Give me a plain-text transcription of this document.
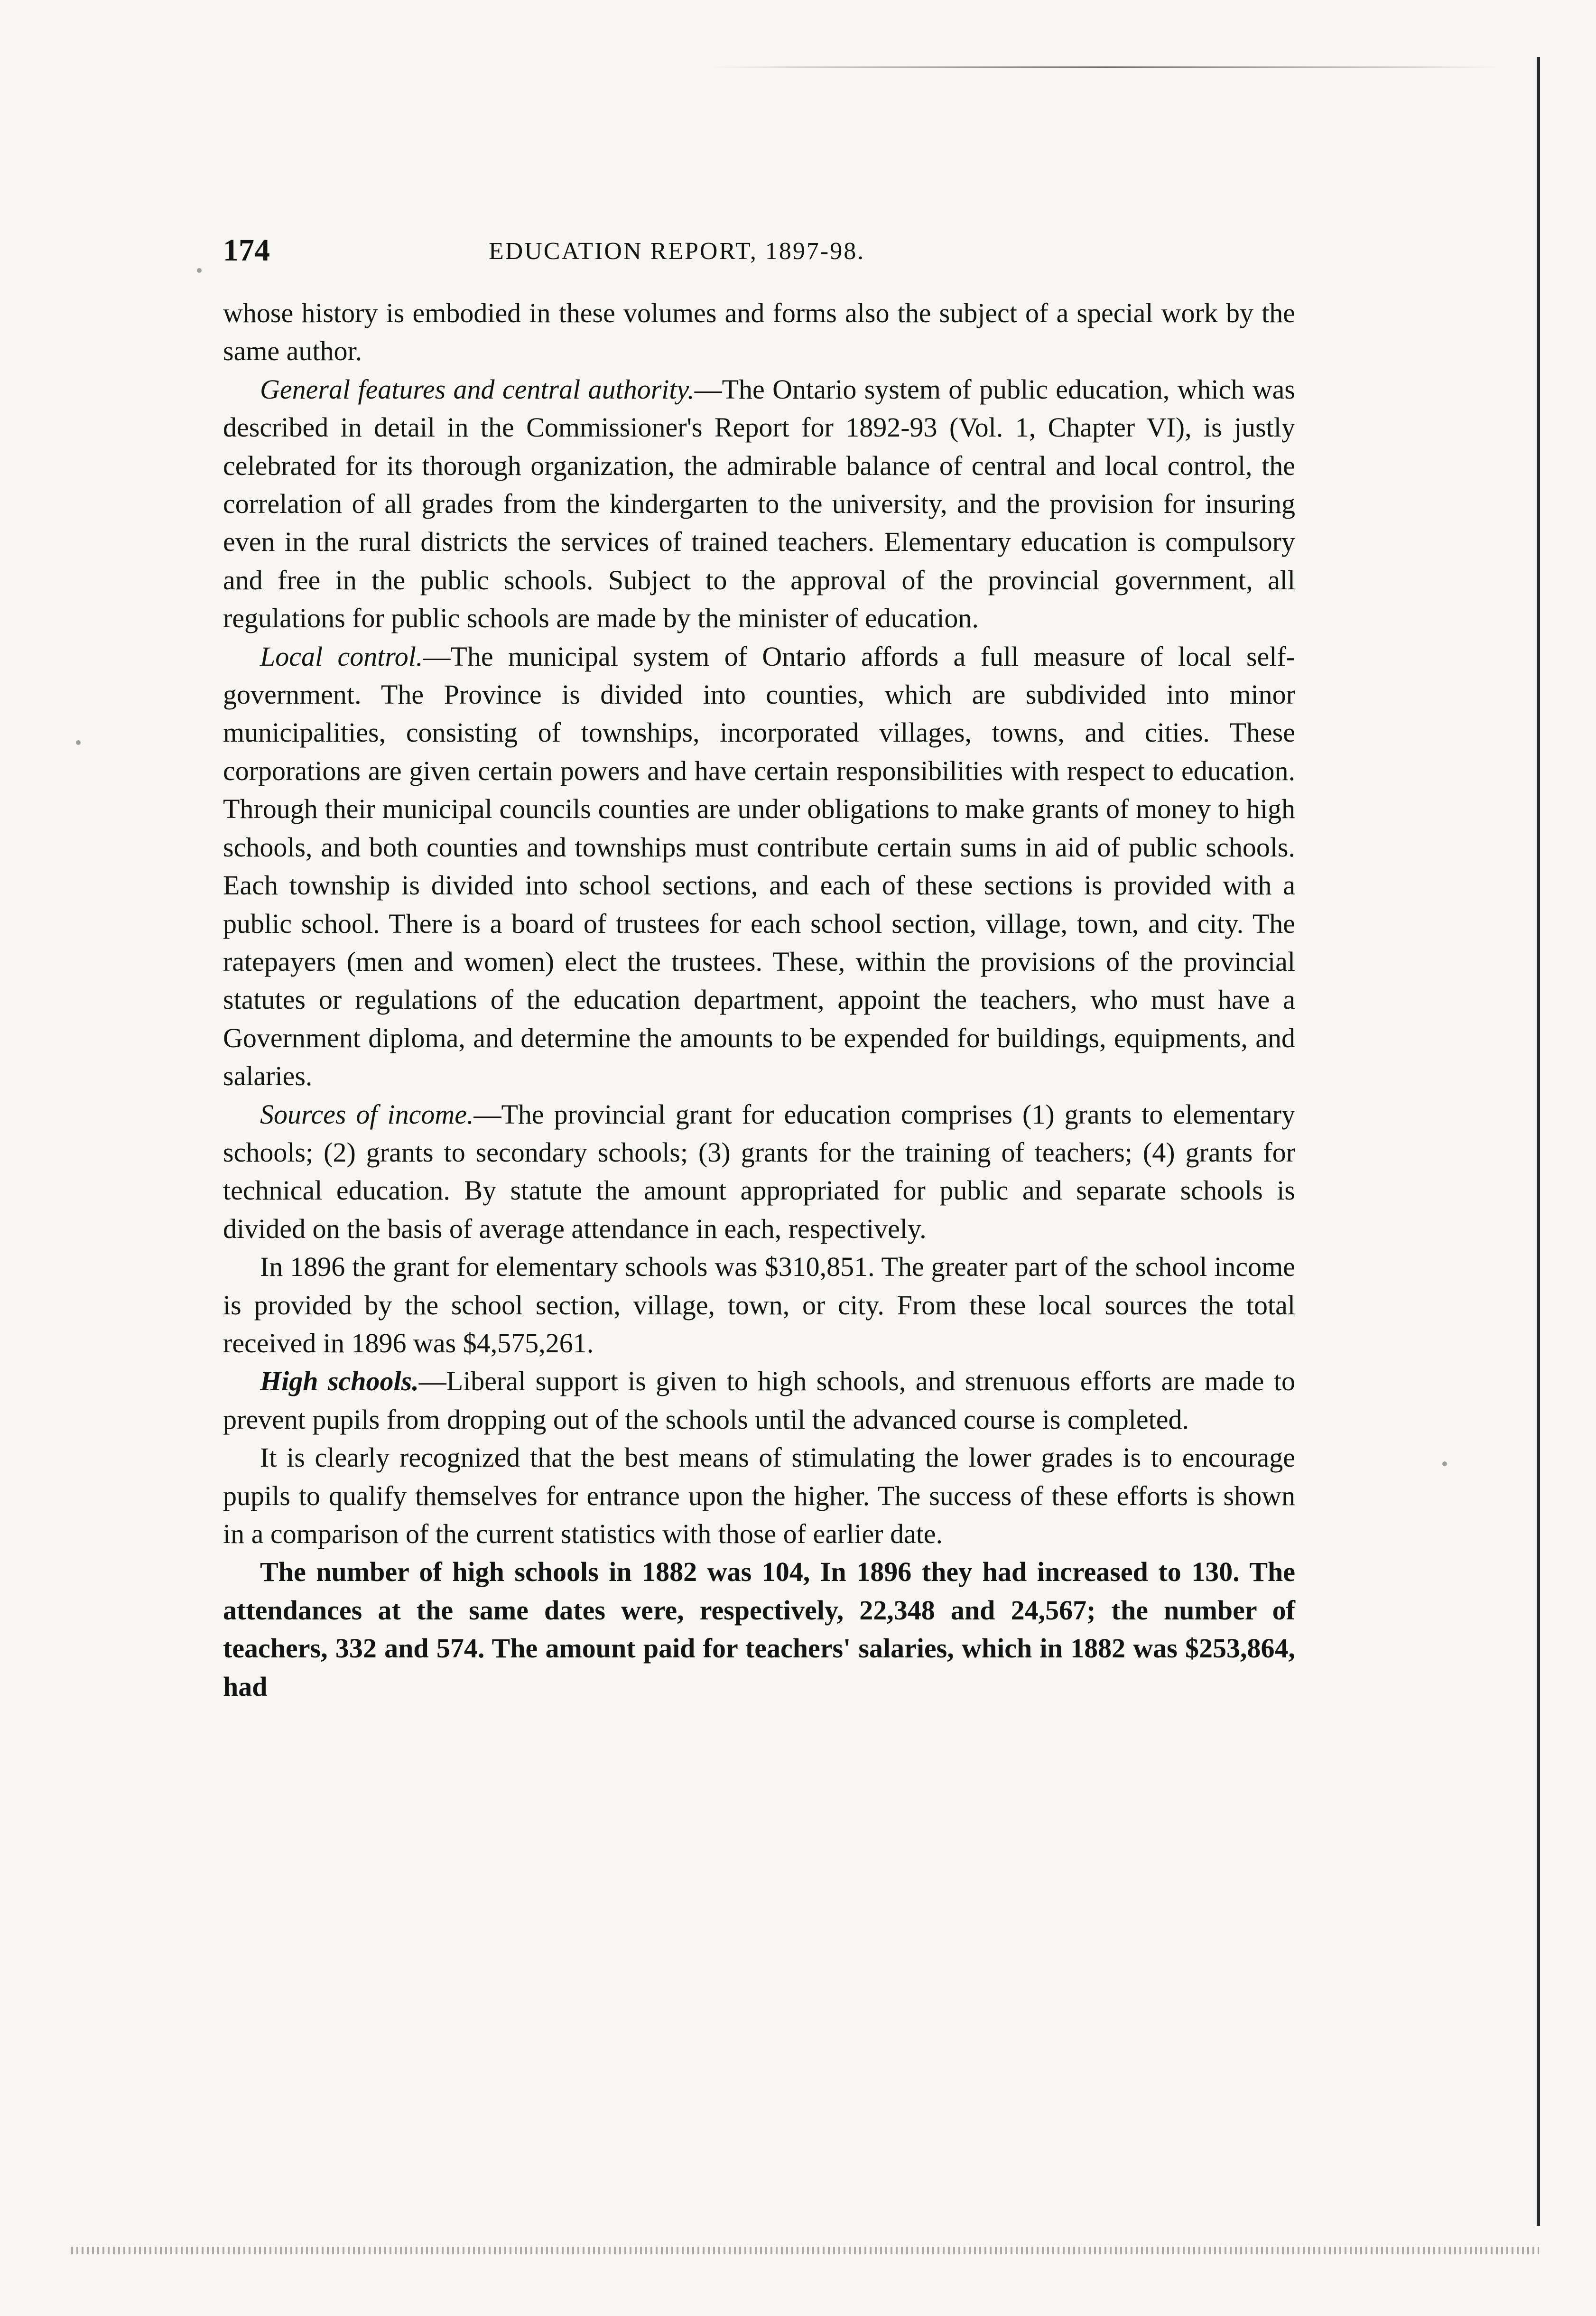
174	EDUCATION REPORT, 1897-98.

whose history is embodied in these volumes and forms also the subject of a special work by the same author.

General features and central authority.—The Ontario system of public education, which was described in detail in the Commissioner's Report for 1892-93 (Vol. 1, Chapter VI), is justly celebrated for its thorough organization, the admirable balance of central and local control, the correlation of all grades from the kindergarten to the university, and the provision for insuring even in the rural districts the services of trained teachers. Elementary education is compulsory and free in the public schools. Subject to the approval of the provincial government, all regulations for public schools are made by the minister of education.

Local control.—The municipal system of Ontario affords a full measure of local self-government. The Province is divided into counties, which are subdivided into minor municipalities, consisting of townships, incorporated villages, towns, and cities. These corporations are given certain powers and have certain responsibilities with respect to education. Through their municipal councils counties are under obligations to make grants of money to high schools, and both counties and townships must contribute certain sums in aid of public schools. Each township is divided into school sections, and each of these sections is provided with a public school. There is a board of trustees for each school section, village, town, and city. The ratepayers (men and women) elect the trustees. These, within the provisions of the provincial statutes or regulations of the education department, appoint the teachers, who must have a Government diploma, and determine the amounts to be expended for buildings, equipments, and salaries.

Sources of income.—The provincial grant for education comprises (1) grants to elementary schools; (2) grants to secondary schools; (3) grants for the training of teachers; (4) grants for technical education. By statute the amount appropriated for public and separate schools is divided on the basis of average attendance in each, respectively.

In 1896 the grant for elementary schools was $310,851. The greater part of the school income is provided by the school section, village, town, or city. From these local sources the total received in 1896 was $4,575,261.

High schools.—Liberal support is given to high schools, and strenuous efforts are made to prevent pupils from dropping out of the schools until the advanced course is completed.

It is clearly recognized that the best means of stimulating the lower grades is to encourage pupils to qualify themselves for entrance upon the higher. The success of these efforts is shown in a comparison of the current statistics with those of earlier date.

The number of high schools in 1882 was 104, In 1896 they had increased to 130. The attendances at the same dates were, respectively, 22,348 and 24,567; the number of teachers, 332 and 574. The amount paid for teachers' salaries, which in 1882 was $253,864, had
